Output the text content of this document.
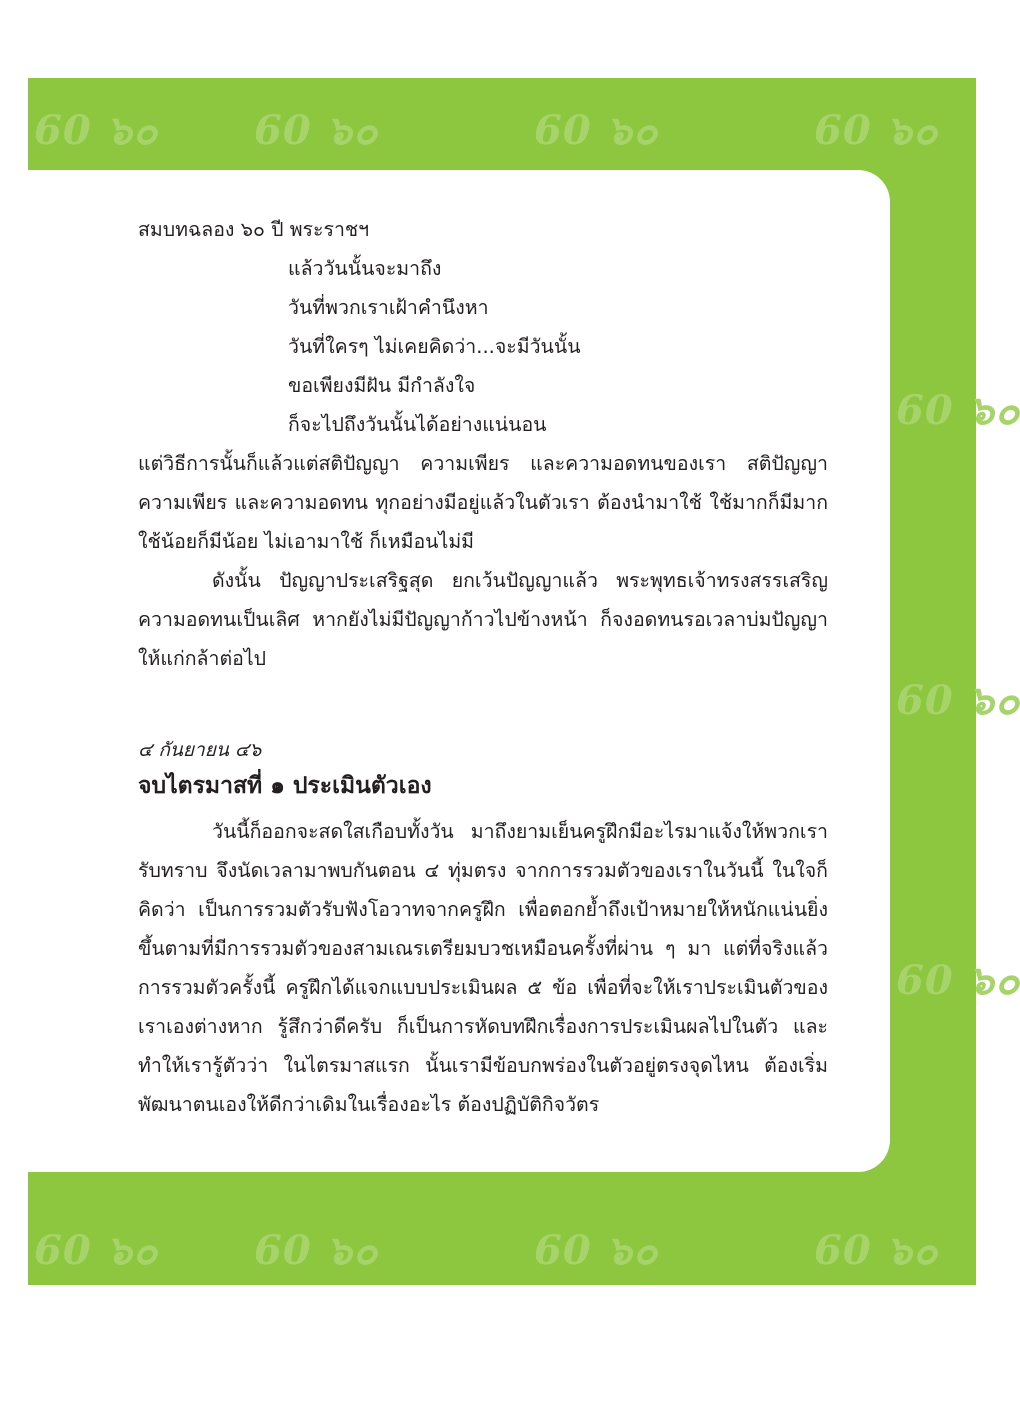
60 ๖๐ 60 ๖๐	60 ๖๐	60 ๖๐
60 ๖๐
60 ๖๐
60 ๖๐
60 ๖๐ 60 ๖๐	60 ๖๐	60 ๖๐

สมบทฉลอง ๖๐ ปี พระราชฯ

แล้ววันนั้นจะมาถึง

วันที่พวกเราเฝ้าคำนึงหา

วันที่ใครๆ ไม่เคยคิดว่า...จะมีวันนั้น

ขอเพียงมีฝัน มีกำลังใจ

ก็จะไปถึงวันนั้นได้อย่างแน่นอน

แต่วิธีการนั้นก็แล้วแต่สติปัญญา ความเพียร และความอดทนของเรา สติปัญญา ความเพียร และความอดทน ทุกอย่างมีอยู่แล้วในตัวเรา ต้องนำมาใช้ ใช้มากก็มีมาก ใช้น้อยก็มีน้อย ไม่เอามาใช้ ก็เหมือนไม่มี

ดังนั้น ปัญญาประเสริฐสุด ยกเว้นปัญญาแล้ว พระพุทธเจ้าทรงสรรเสริญความอดทนเป็นเลิศ หากยังไม่มีปัญญาก้าวไปข้างหน้า ก็จงอดทนรอเวลาบ่มปัญญาให้แก่กล้าต่อไป

๔ กันยายน ๔๖

จบไตรมาสที่ ๑ ประเมินตัวเอง

วันนี้ก็ออกจะสดใสเกือบทั้งวัน มาถึงยามเย็นครูฝึกมีอะไรมาแจ้งให้พวกเรารับทราบ จึงนัดเวลามาพบกันตอน ๔ ทุ่มตรง จากการรวมตัวของเราในวันนี้ ในใจก็คิดว่า เป็นการรวมตัวรับฟังโอวาทจากครูฝึก เพื่อตอกย้ำถึงเป้าหมายให้หนักแน่นยิ่งขึ้นตามที่มีการรวมตัวของสามเณรเตรียมบวชเหมือนครั้งที่ผ่าน ๆ มา แต่ที่จริงแล้ว การรวมตัวครั้งนี้ ครูฝึกได้แจกแบบประเมินผล ๕ ข้อ เพื่อที่จะให้เราประเมินตัวของเราเองต่างหาก รู้สึกว่าดีครับ ก็เป็นการหัดบทฝึกเรื่องการประเมินผลไปในตัว และทำให้เรารู้ตัวว่า ในไตรมาสแรก นั้นเรามีข้อบกพร่องในตัวอยู่ตรงจุดไหน ต้องเริ่มพัฒนาตนเองให้ดีกว่าเดิมในเรื่องอะไร ต้องปฏิบัติกิจวัตร
